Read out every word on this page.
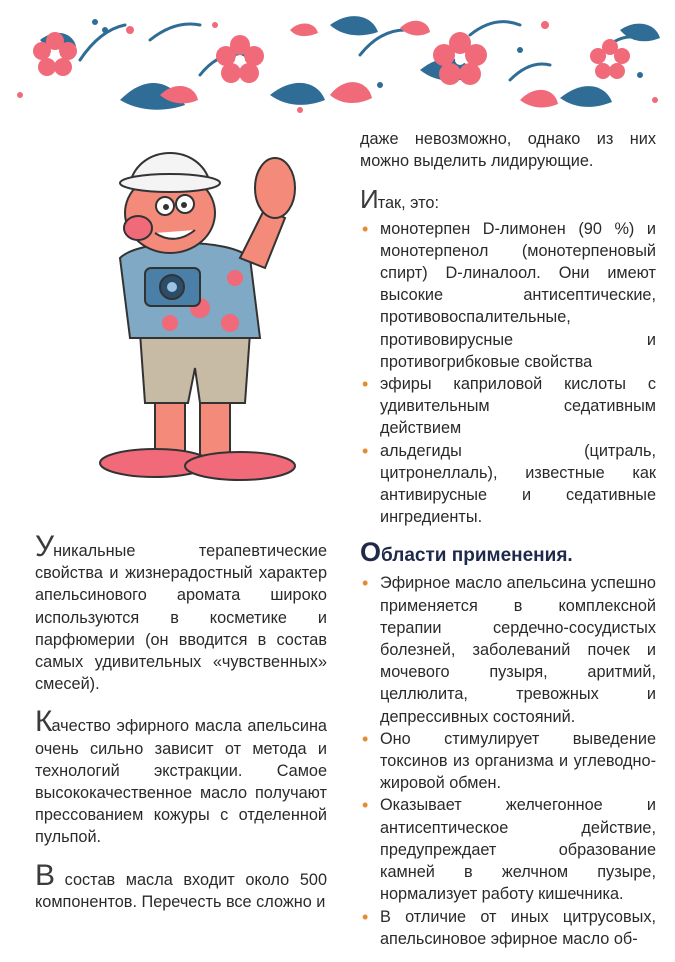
Уникальные терапевтические свойства и жизнерадостный характер апельсинового аромата широко используются в косметике и парфюмерии (он вводится в состав самых удивительных «чувственных» смесей).

Качество эфирного масла апельсина очень сильно зависит от метода и технологий экстракции. Самое высококачественное масло получают прессованием кожуры с отделенной пульпой.

В состав масла входит около 500 компонентов. Перечесть все сложно и

даже невозможно, однако из них можно выделить лидирующие.

Итак, это:

• монотерпен D-лимонен (90 %) и монотерпенол (монотерпеновый спирт) D-линалоол. Они имеют высокие антисептические, противовоспалительные, противовирусные и противогрибковые свойства
• эфиры каприловой кислоты с удивительным седативным действием
• альдегиды (цитраль, цитронеллаль), известные как антивирусные и седативные ингредиенты.
Области применения.
• Эфирное масло апельсина успешно применяется в комплексной терапии сердечно-сосудистых болезней, заболеваний почек и мочевого пузыря, аритмий, целлюлита, тревожных и депрессивных состояний.
• Оно стимулирует выведение токсинов из организма и углеводно-жировой обмен.
• Оказывает желчегонное и антисептическое действие, предупреждает образование камней в желчном пузыре, нормализует работу кишечника.
• В отличие от иных цитрусовых, апельсиновое эфирное масло об-
